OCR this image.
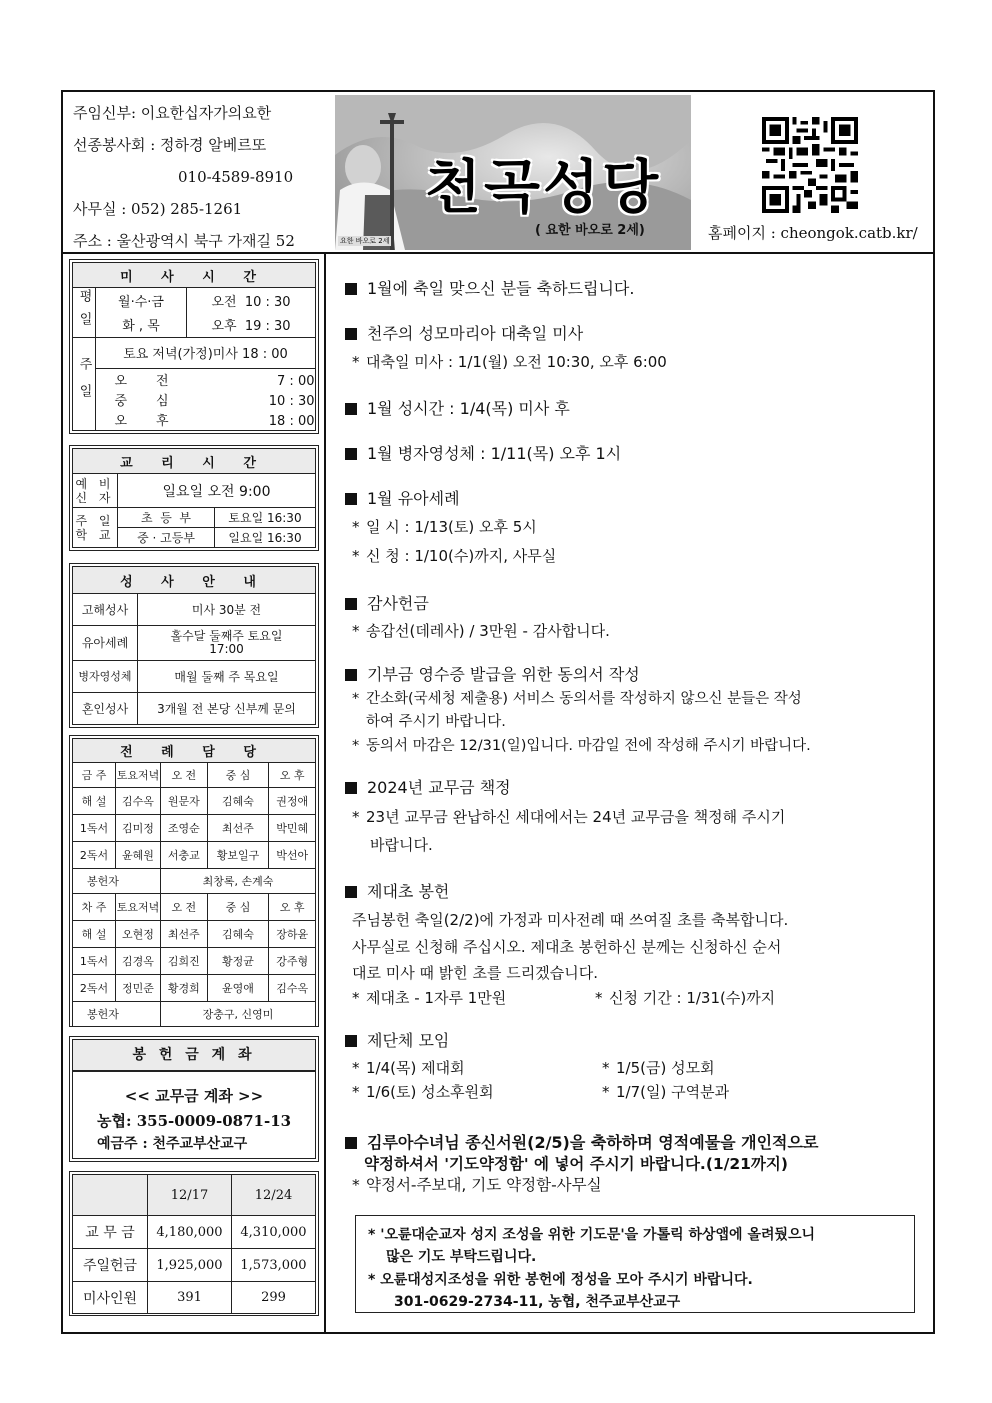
주임신부: 이요한십자가의요한
선종봉사회 : 정하경 알베르또
010-4589-8910
사무실 : 052) 285-1261
주소 : 울산광역시 북구 가재길 52
천곡성당
( 요한 바오로 2세)
요한 바오로 2세	홈페이지 : cheongok.catb.kr/
미 사 시 간		
평일	월·수·금	오전  10 : 30
	화 , 목	오후  19 : 30
주일	토요 저녁(가정)미사 18 : 00	
	오       전 7 : 00	
	중       심 10 : 30	
	오       후 18 : 00	
교 리 시 간		
예 비 신 자	일요일 오전 9:00	
주 일 학 교	초  등  부	토요일 16:30
	중 · 고등부	일요일 16:30
성 사 안 내	
고해성사	미사 30분 전
유아세례	홀수달 둘째주 토요일 17:00
병자영성체	매월 둘째 주 목요일
혼인성사	3개월 전 본당 신부께 문의
전 례 담 당				
금 주	토요저녁	오 전	중 심	오 후
해 설	김수옥	원문자	김혜숙	권정애
1독서	김미정	조영순	최선주	박민혜
2독서	윤혜원	서충교	황보일구	박선아
봉헌자		최창록, 손계숙		
차 주	토요저녁	오 전	중 심	오 후
해 설	오현정	최선주	김혜숙	장하윤
1독서	김경옥	김희진	황정균	강주형
2독서	정민준	황경희	윤영애	김수옥
봉헌자		장충구, 신영미		
봉 헌 금 계 좌
<< 교무금 계좌 >>
농협: 355-0009-0871-13
예금주 : 천주교부산교구
	12/17	12/24
교 무 금	4,180,000	4,310,000
주일헌금	1,925,000	1,573,000
미사인원	391	299
1월에 축일 맞으신 분들 축하드립니다.
천주의 성모마리아 대축일 미사
* 대축일 미사 : 1/1(월) 오전 10:30, 오후 6:00
1월 성시간 : 1/4(목) 미사 후
1월 병자영성체 : 1/11(목) 오후 1시
1월 유아세례
* 일 시 : 1/13(토) 오후 5시
* 신 청 : 1/10(수)까지, 사무실
감사헌금
* 송갑선(데레사) / 3만원 - 감사합니다.
기부금 영수증 발급을 위한 동의서 작성
* 간소화(국세청 제출용) 서비스 동의서를 작성하지 않으신 분들은 작성
하여 주시기 바랍니다.
* 동의서 마감은 12/31(일)입니다. 마감일 전에 작성해 주시기 바랍니다.
2024년 교무금 책정
* 23년 교무금 완납하신 세대에서는 24년 교무금을 책정해 주시기
바랍니다.
제대초 봉헌
주님봉헌 축일(2/2)에 가정과 미사전례 때 쓰여질 초를 축복합니다.
사무실로 신청해 주십시오. 제대초 봉헌하신 분께는 신청하신 순서
대로 미사 때 밝힌 초를 드리겠습니다.
* 제대초 - 1자루 1만원	* 신청 기간 : 1/31(수)까지
제단체 모임
* 1/4(목) 제대회	* 1/5(금) 성모회
* 1/6(토) 성소후원회	* 1/7(일) 구역분과
김루아수녀님 종신서원(2/5)을 축하하며 영적예물을 개인적으로
약정하셔서 '기도약정함' 에 넣어 주시기 바랍니다.(1/21까지)
* 약정서-주보대, 기도 약정함-사무실
* '오륜대순교자 성지 조성을 위한 기도문'을 가톨릭 하상앱에 올려뒀으니
많은 기도 부탁드립니다.
* 오륜대성지조성을 위한 봉헌에 정성을 모아 주시기 바랍니다.
301-0629-2734-11, 농협, 천주교부산교구
